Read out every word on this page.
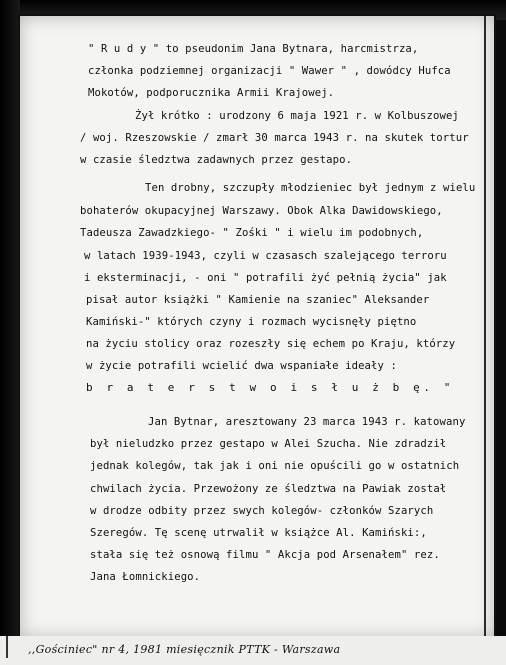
" R u d y " to pseudonim Jana Bytnara, harcmistrza,
członka podziemnej organizacji " Wawer " , dowódcy Hufca
Mokotów, podporucznika Armii Krajowej.
Żył krótko : urodzony 6 maja 1921 r. w Kolbuszowej
/ woj. Rzeszowskie / zmarł 30 marca 1943 r. na skutek tortur
w czasie śledztwa zadawnych przez gestapo.
Ten drobny, szczupły młodzieniec był jednym z wielu
bohaterów okupacyjnej Warszawy. Obok Alka Dawidowskiego,
Tadeusza Zawadzkiego- " Zośki " i wielu im podobnych,
w latach 1939-1943, czyli w czasasch szalejącego terroru
i eksterminacji, - oni " potrafili żyć pełnią życia" jak
pisał autor książki " Kamienie na szaniec" Aleksander
Kamiński-" których czyny i rozmach wycisnęły piętno
na życiu stolicy oraz rozeszły się echem po Kraju, którzy
w życie potrafili wcielić dwa wspaniałe ideały :
b r a t e r s t w o i s ł u ż b ę. "
Jan Bytnar, aresztowany 23 marca 1943 r. katowany
był nieludzko przez gestapo w Alei Szucha. Nie zdradził
jednak kolegów, tak jak i oni nie opuścili go w ostatnich
chwilach życia. Przewożony ze śledztwa na Pawiak został
w drodze odbity przez swych kolegów- członków Szarych
Szeregów. Tę scenę utrwalił w książce Al. Kamiński:,
stała się też osnową filmu " Akcja pod Arsenałem" rez.
Jana Łomnickiego.
,,Gościniec" nr 4, 1981 miesięcznik PTTK - Warszawa
